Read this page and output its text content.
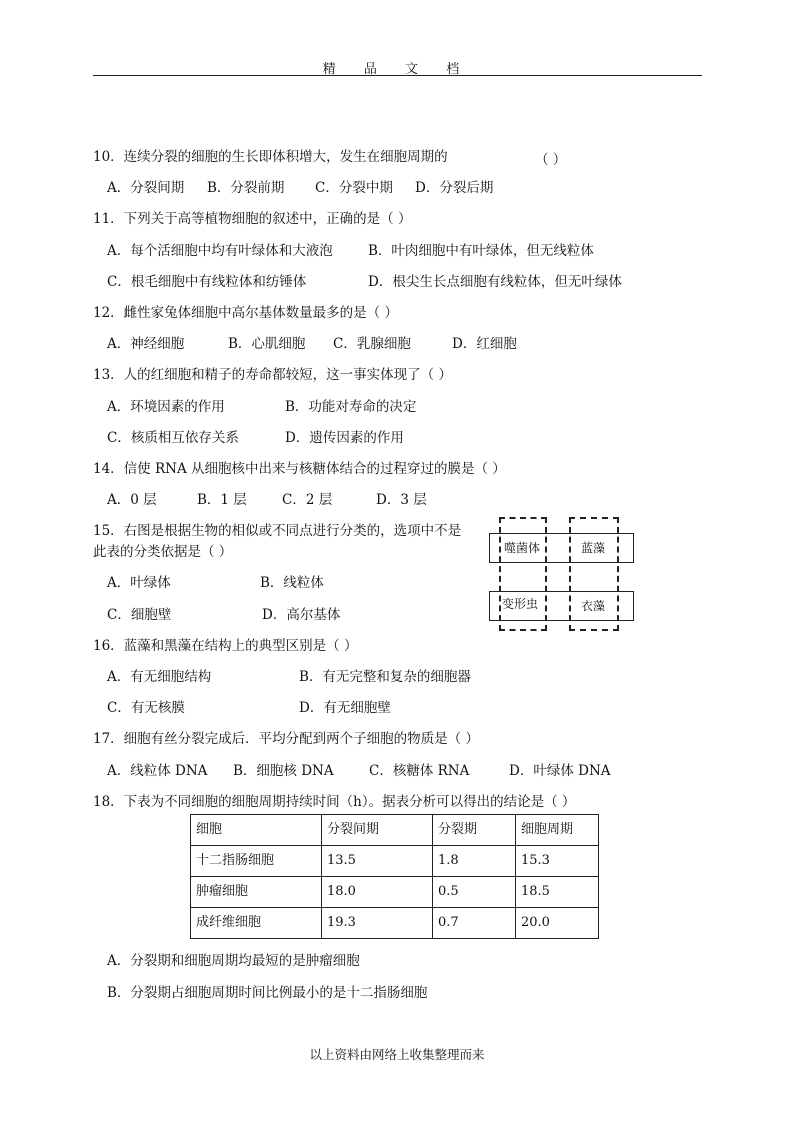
精 品 文 档
10．连续分裂的细胞的生长即体积增大，发生在细胞周期的	（ ）
A．分裂间期 B．分裂前期 C．分裂中期 D．分裂后期
11．下列关于高等植物细胞的叙述中，正确的是（ ）
A．每个活细胞中均有叶绿体和大液泡	B．叶肉细胞中有叶绿体，但无线粒体
C．根毛细胞中有线粒体和纺锤体	D．根尖生长点细胞有线粒体，但无叶绿体
12．雌性家兔体细胞中高尔基体数量最多的是（ ）
A．神经细胞	B．心肌细胞 C．乳腺细胞	D．红细胞
13．人的红细胞和精子的寿命都较短，这一事实体现了（ ）
A．环境因素的作用	B．功能对寿命的决定
C．核质相互依存关系	D．遗传因素的作用
14．信使 RNA 从细胞核中出来与核糖体结合的过程穿过的膜是（ ）
A．0 层	B．1 层	C．2 层	D．3 层
15．右图是根据生物的相似或不同点进行分类的，选项中不是
此表的分类依据是（ ）
A．叶绿体	B．线粒体
C．细胞壁	D．高尔基体
噬菌体	蓝藻
变形虫	衣藻
16．蓝藻和黑藻在结构上的典型区别是（ ）
A．有无细胞结构	B．有无完整和复杂的细胞器
C．有无核膜	D．有无细胞壁
17．细胞有丝分裂完成后．平均分配到两个子细胞的物质是（ ）
A．线粒体 DNA B．细胞核 DNA	C．核糖体 RNA	D．叶绿体 DNA
18．下表为不同细胞的细胞周期持续时间（h）。据表分析可以得出的结论是（ ）
细胞	分裂间期	分裂期	细胞周期
十二指肠细胞	13.5	1.8	15.3
肿瘤细胞	18.0	0.5	18.5
成纤维细胞	19.3	0.7	20.0
A．分裂期和细胞周期均最短的是肿瘤细胞
B．分裂期占细胞周期时间比例最小的是十二指肠细胞
以上资料由网络上收集整理而来
